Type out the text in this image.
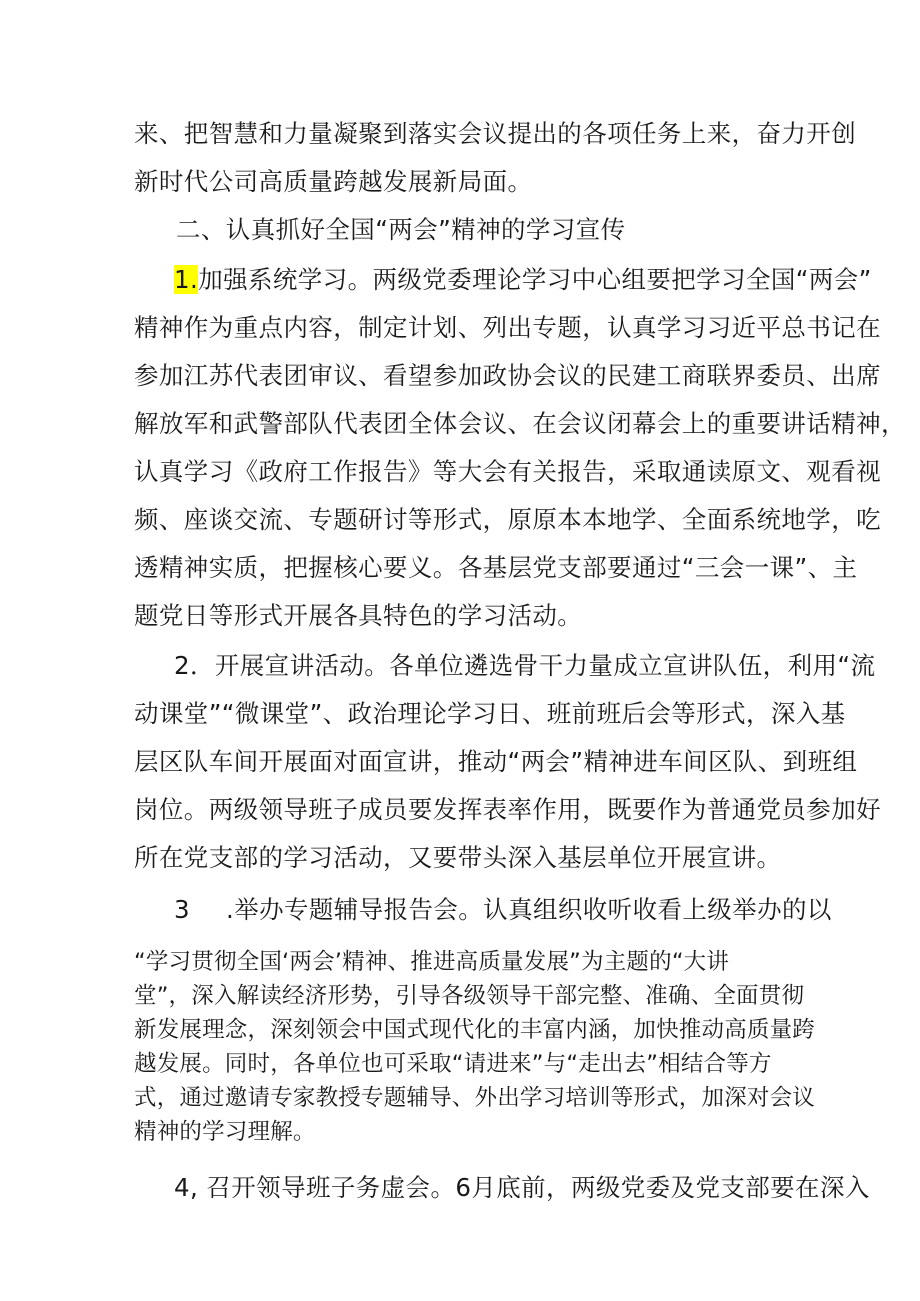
来、把智慧和力量凝聚到落实会议提出的各项任务上来，奋力开创
新时代公司高质量跨越发展新局面。
二、认真抓好全国“两会”精神的学习宣传
1.加强系统学习。两级党委理论学习中心组要把学习全国“两会”
精神作为重点内容，制定计划、列出专题，认真学习习近平总书记在
参加江苏代表团审议、看望参加政协会议的民建工商联界委员、出席
解放军和武警部队代表团全体会议、在会议闭幕会上的重要讲话精神，
认真学习《政府工作报告》等大会有关报告，采取通读原文、观看视
频、座谈交流、专题研讨等形式，原原本本地学、全面系统地学，吃
透精神实质，把握核心要义。各基层党支部要通过“三会一课”、主
题党日等形式开展各具特色的学习活动。
2．开展宣讲活动。各单位遴选骨干力量成立宣讲队伍，利用“流
动课堂”“微课堂”、政治理论学习日、班前班后会等形式，深入基
层区队车间开展面对面宣讲，推动“两会”精神进车间区队、到班组
岗位。两级领导班子成员要发挥表率作用，既要作为普通党员参加好
所在党支部的学习活动，又要带头深入基层单位开展宣讲。
3 .举办专题辅导报告会。认真组织收听收看上级举办的以
“学习贯彻全国‘两会’精神、推进高质量发展”为主题的“大讲
堂”，深入解读经济形势，引导各级领导干部完整、准确、全面贯彻
新发展理念，深刻领会中国式现代化的丰富内涵，加快推动高质量跨
越发展。同时，各单位也可采取“请进来”与“走出去”相结合等方
式，通过邀请专家教授专题辅导、外出学习培训等形式，加深对会议
精神的学习理解。
4, 召开领导班子务虚会。6月底前，两级党委及党支部要在深入
